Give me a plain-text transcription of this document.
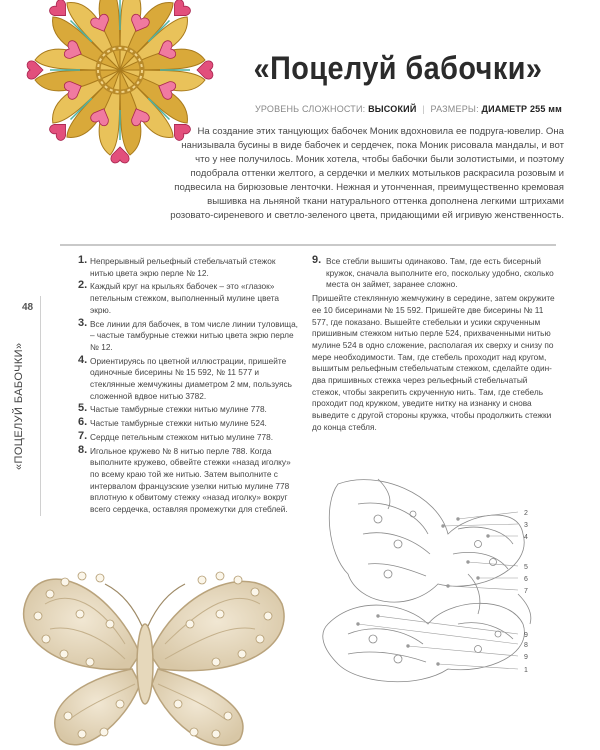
«Поцелуй бабочки»
УРОВЕНЬ СЛОЖНОСТИ: ВЫСОКИЙ | РАЗМЕРЫ: ДИАМЕТР 255 мм

На создание этих танцующих бабочек Моник вдохновила ее подруга-ювелир. Она нанизывала бусины в виде бабочек и сердечек, пока Моник рисовала мандалы, и вот что у нее получилось. Моник хотела, чтобы бабочки были золотистыми, и поэтому подобрала оттенки желтого, а сердечки и мелких мотыльков раскрасила розовым и подвесила на бирюзовые ленточки. Нежная и утонченная, преимущественно кремовая вышивка на льняной ткани натурального оттенка дополнена легкими штрихами розовато-сиреневого и светло-зеленого цвета, придающими ей игривую женственность.

48
«ПОЦЕЛУЙ БАБОЧКИ»
1. Непрерывный рельефный стебельчатый стежок нитью цвета экрю перле № 12.
2. Каждый круг на крыльях бабочек – это «глазок» петельным стежком, выполненный мулине цвета экрю.
3. Все линии для бабочек, в том числе линии туловища, – частые тамбурные стежки нитью цвета экрю перле № 12.
4. Ориентируясь по цветной иллюстрации, пришейте одиночные бисерины № 15 592, № 11 577 и стеклянные жемчужины диаметром 2 мм, пользуясь сложенной вдвое нитью 3782.
5. Частые тамбурные стежки нитью мулине 778.
6. Частые тамбурные стежки нитью мулине 524.
7. Сердце петельным стежком нитью мулине 778.
8. Игольное кружево № 8 нитью перле 788. Когда выполните кружево, обвейте стежки «назад иголку» по всему краю той же нитью. Затем выполните с интервалом французские узелки нитью мулине 778 вплотную к обвитому стежку «назад иголку» вокруг всего сердечка, оставляя промежутки для стеблей.
9. Все стебли вышиты одинаково. Там, где есть бисерный кружок, сначала выполните его, поскольку удобно, сколько места он займет, заранее сложно.

Пришейте стеклянную жемчужину в середине, затем окружите ее 10 бисеринами № 15 592. Пришейте две бисерины № 11 577, где показано. Вышейте стебельки и усики скрученным пришивным стежком нитью перле 524, прихваченными нитью мулине 524 в одно сложение, располагая их сверху и снизу по мере необходимости. Там, где стебель проходит над кругом, вышитым рельефным стебельчатым стежком, сделайте один-два пришивных стежка через рельефный стебельчатый стежок, чтобы закрепить скрученную нить. Там, где стебель проходит под кружком, уведите нитку на изнанку и снова выведите с другой стороны кружка, чтобы продолжить стежки до конца стебля.

2
3
4
5
6
7
9
8
9
1
